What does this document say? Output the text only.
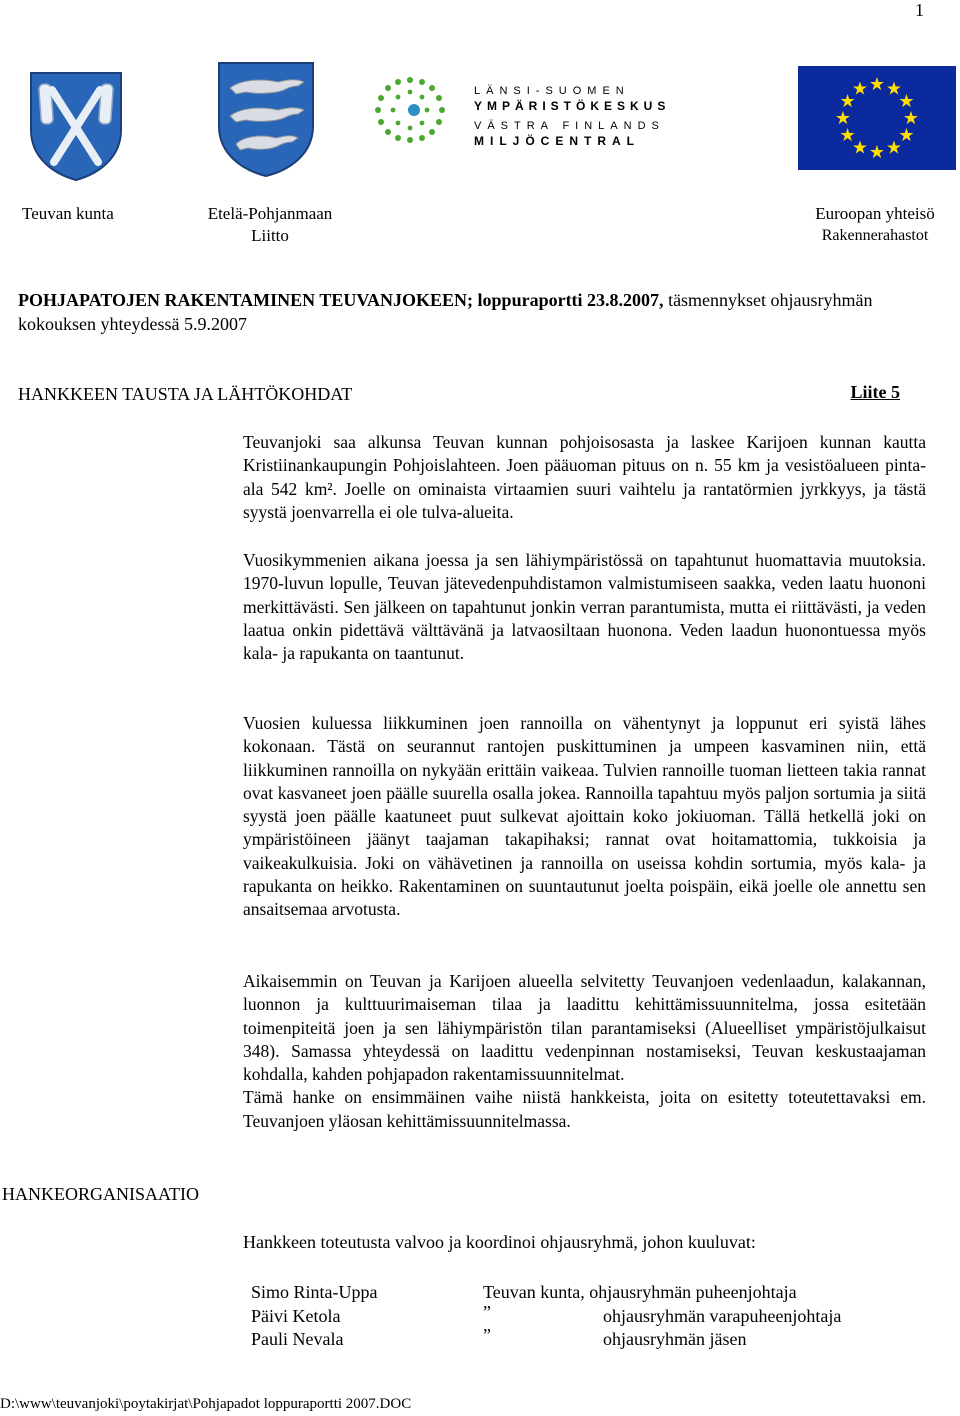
1
LÄNSI-SUOMEN
YMPÄRISTÖKESKUS
VÄSTRA FINLANDS
MILJÖCENTRAL
★ ★
★
★
★
★
★
★
★
★
★
★
Teuvan kunta	Etelä-Pohjanmaan
Liitto
Euroopan yhteisö
Rakennerahastot
POHJAPATOJEN RAKENTAMINEN TEUVANJOKEEN; loppuraportti 23.8.2007, täsmennykset ohjausryhmän kokouksen yhteydessä 5.9.2007
HANKKEEN TAUSTA JA LÄHTÖKOHDAT	Liite 5

Teuvanjoki saa alkunsa Teuvan kunnan pohjoisosasta ja laskee Karijoen kunnan kautta Kristiinankaupungin Pohjoislahteen. Joen pääuoman pituus on n. 55 km ja vesistöalueen pinta-ala 542 km². Joelle on ominaista virtaamien suuri vaihtelu ja rantatörmien jyrkkyys, ja tästä syystä joenvarrella ei ole tulva-alueita.

Vuosikymmenien aikana joessa ja sen lähiympäristössä on tapahtunut huomattavia muutoksia. 1970-luvun lopulle, Teuvan jätevedenpuhdistamon valmistumiseen saakka, veden laatu huononi merkittävästi. Sen jälkeen on tapahtunut jonkin verran parantumista, mutta ei riittävästi, ja veden laatua onkin pidettävä välttävänä ja latvaosiltaan huonona. Veden laadun huonontuessa myös kala- ja rapukanta on taantunut.

Vuosien kuluessa liikkuminen joen rannoilla on vähentynyt ja loppunut eri syistä lähes kokonaan. Tästä on seurannut rantojen puskittuminen ja umpeen kasvaminen niin, että liikkuminen rannoilla on nykyään erittäin vaikeaa. Tulvien rannoille tuoman lietteen takia rannat ovat kasvaneet joen päälle suurella osalla jokea. Rannoilla tapahtuu myös paljon sortumia ja siitä syystä joen päälle kaatuneet puut sulkevat ajoittain koko jokiuoman. Tällä hetkellä joki on ympäristöineen jäänyt taajaman takapihaksi; rannat ovat hoitamattomia, tukkoisia ja vaikeakulkuisia. Joki on vähävetinen ja rannoilla on useissa kohdin sortumia, myös kala- ja rapukanta on heikko. Rakentaminen on suuntautunut joelta poispäin, eikä joelle ole annettu sen ansaitsemaa arvotusta.

Aikaisemmin on Teuvan ja Karijoen alueella selvitetty Teuvanjoen vedenlaadun, kalakannan, luonnon ja kulttuurimaiseman tilaa ja laadittu kehittämissuunnitelma, jossa esitetään toimenpiteitä joen ja sen lähiympäristön tilan parantamiseksi (Alueelliset ympäristöjulkaisut 348). Samassa yhteydessä on laadittu vedenpinnan nostamiseksi, Teuvan keskustaajaman kohdalla, kahden pohjapadon rakentamissuunnitelmat.

Tämä hanke on ensimmäinen vaihe niistä hankkeista, joita on esitetty toteutettavaksi em. Teuvanjoen yläosan kehittämissuunnitelmassa.

HANKEORGANISAATIO
Hankkeen toteutusta valvoo ja koordinoi ohjausryhmä, johon kuuluvat:
Simo Rinta-Uppa	Teuvan kunta, ohjausryhmän puheenjohtaja
Päivi Ketola	”	ohjausryhmän varapuheenjohtaja
Pauli Nevala	”	ohjausryhmän jäsen
D:\www\teuvanjoki\poytakirjat\Pohjapadot loppuraportti 2007.DOC
